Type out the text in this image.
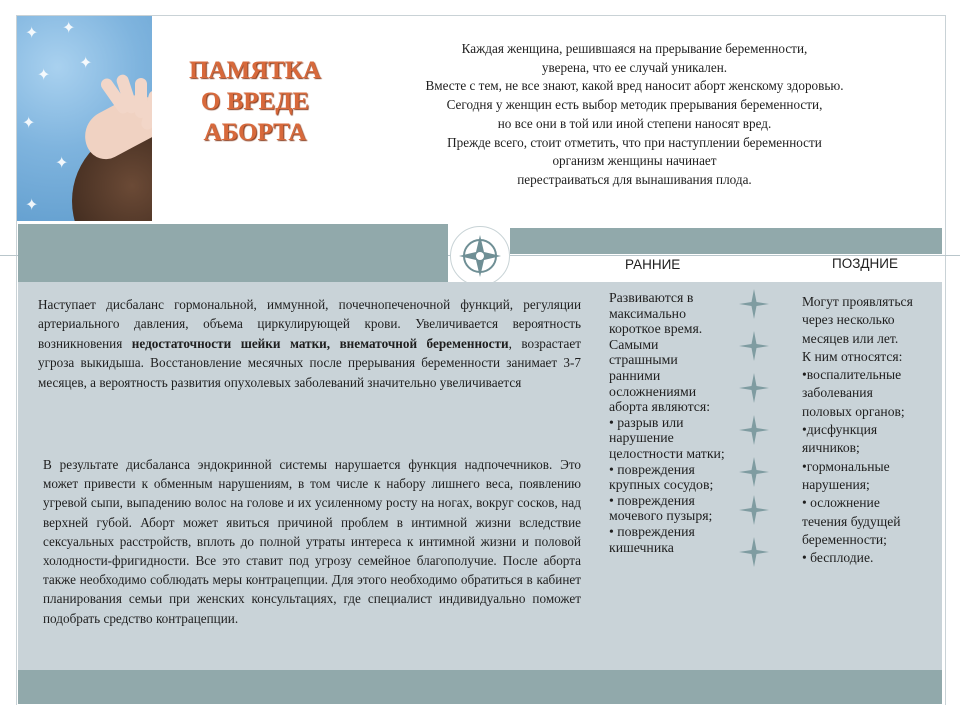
✦ ✦
✦
✦
✦
✦
✦
ПАМЯТКА
О ВРЕДЕ
АБОРТА
Каждая женщина, решившаяся на прерывание беременности,
уверена, что ее случай уникален.
Вместе с тем, не все знают, какой вред наносит аборт женскому здоровью.
Сегодня у женщин есть выбор методик прерывания беременности,
но все они в той или иной степени наносят вред.
Прежде всего, стоит отметить, что при наступлении беременности
организм женщины начинает
перестраиваться для вынашивания плода.
РАННИЕ	ПОЗДНИЕ
Наступает дисбаланс гормональной, иммунной, почечнопеченочной функций, регуляции артериального давления, объема циркулирующей крови. Увеличивается вероятность возникновения недостаточности шейки матки, внематочной беременности, возрастает угроза выкидыша. Восстановление месячных после прерывания беременности занимает 3-7 месяцев, а вероятность развития опухолевых заболеваний значительно увеличивается
В результате дисбаланса эндокринной системы нарушается функция надпочечников. Это может привести к обменным нарушениям, в том числе к набору лишнего веса, появлению угревой сыпи, выпадению волос на голове и их усиленному росту на ногах, вокруг сосков, над верхней губой. Аборт может явиться причиной проблем в интимной жизни вследствие сексуальных расстройств, вплоть до полной утраты интереса к интимной жизни и половой холодности-фригидности. Все это ставит под угрозу семейное благополучие. После аборта также необходимо соблюдать меры контрацепции. Для этого необходимо обратиться в кабинет планирования семьи при женских консультациях, где специалист индивидуально поможет подобрать средство контрацепции.
Развиваются в
максимально
короткое время.
Самыми
страшными
ранними
осложнениями
аборта являются:
• разрыв или
нарушение
целостности матки;
• повреждения
крупных сосудов;
• повреждения
мочевого пузыря;
• повреждения
кишечника
Могут проявляться
через несколько
месяцев или лет.
К ним относятся:
•воспалительные
заболевания
половых органов;
•дисфункция
яичников;
•гормональные
нарушения;
• осложнение
течения будущей
беременности;
• бесплодие.
